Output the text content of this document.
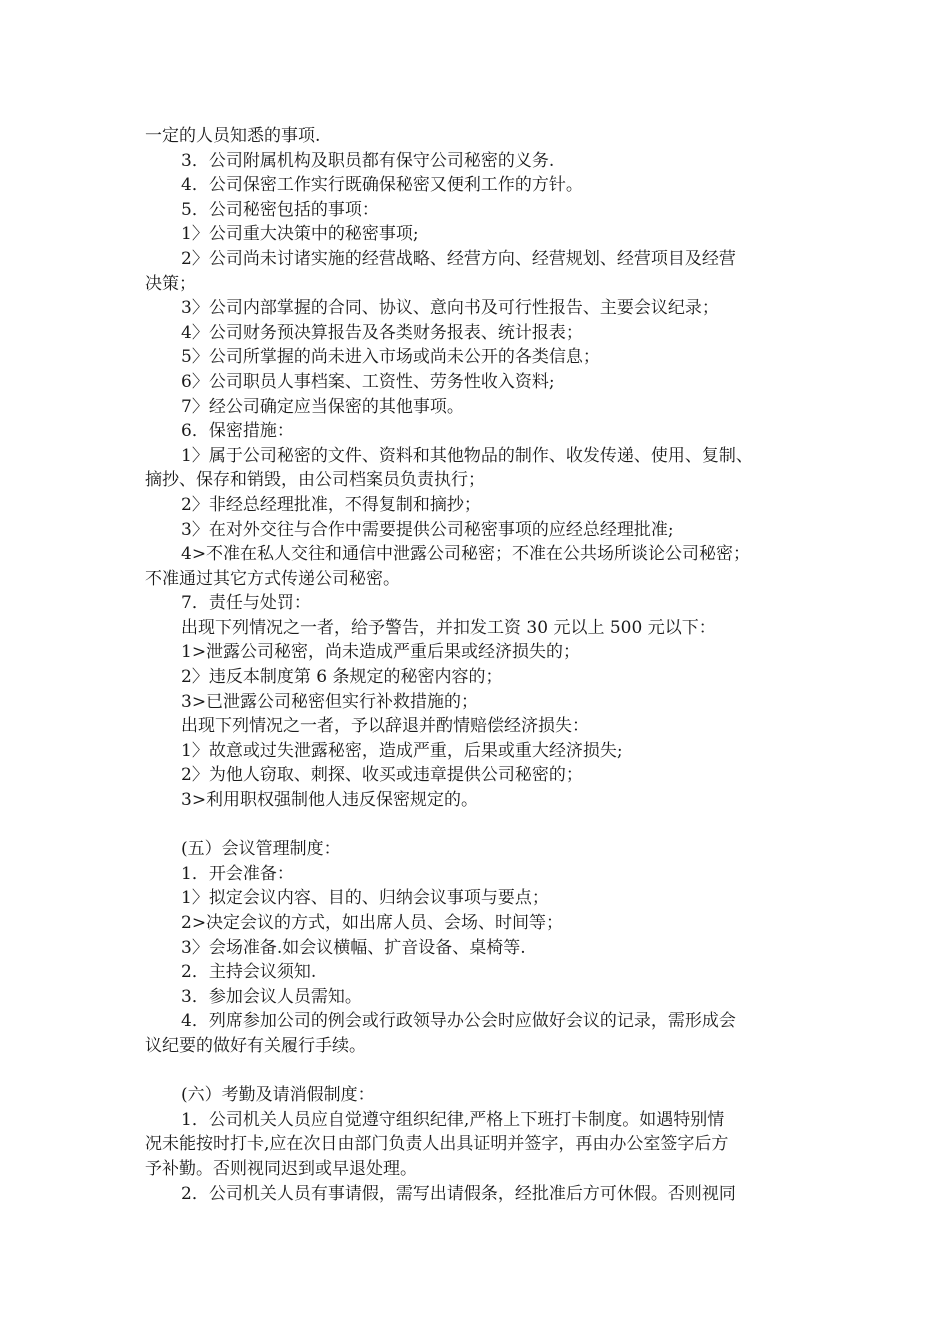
一定的人员知悉的事项.
3．公司附属机构及职员都有保守公司秘密的义务.
4．公司保密工作实行既确保秘密又便利工作的方针。
5．公司秘密包括的事项：
1〉公司重大决策中的秘密事项;
2〉公司尚未讨诸实施的经营战略、经营方向、经营规划、经营项目及经营
决策；
3〉公司内部掌握的合同、协议、意向书及可行性报告、主要会议纪录；
4〉公司财务预决算报告及各类财务报表、统计报表；
5〉公司所掌握的尚未进入市场或尚未公开的各类信息；
6〉公司职员人事档案、工资性、劳务性收入资料;
7〉经公司确定应当保密的其他事项。
6．保密措施：
1〉属于公司秘密的文件、资料和其他物品的制作、收发传递、使用、复制、
摘抄、保存和销毁，由公司档案员负责执行；
2〉非经总经理批准，不得复制和摘抄；
3〉在对外交往与合作中需要提供公司秘密事项的应经总经理批准;
4>不准在私人交往和通信中泄露公司秘密；不准在公共场所谈论公司秘密；
不准通过其它方式传递公司秘密。
7．责任与处罚：
出现下列情况之一者，给予警告，并扣发工资 30 元以上 500 元以下：
1>泄露公司秘密，尚未造成严重后果或经济损失的；
2〉违反本制度第 6 条规定的秘密内容的；
3>已泄露公司秘密但实行补救措施的；
出现下列情况之一者，予以辞退并酌情赔偿经济损失：
1〉故意或过失泄露秘密，造成严重，后果或重大经济损失;
2〉为他人窃取、刺探、收买或违章提供公司秘密的；
3>利用职权强制他人违反保密规定的。
(五）会议管理制度：
1．开会准备：
1〉拟定会议内容、目的、归纳会议事项与要点；
2>决定会议的方式，如出席人员、会场、时间等；
3〉会场准备.如会议横幅、扩音设备、桌椅等.
2．主持会议须知.
3．参加会议人员需知。
4．列席参加公司的例会或行政领导办公会时应做好会议的记录，需形成会
议纪要的做好有关履行手续。
(六）考勤及请消假制度：
1．公司机关人员应自觉遵守组织纪律,严格上下班打卡制度。如遇特别情
况未能按时打卡,应在次日由部门负责人出具证明并签字，再由办公室签字后方
予补勤。否则视同迟到或早退处理。
2．公司机关人员有事请假，需写出请假条，经批准后方可休假。否则视同
